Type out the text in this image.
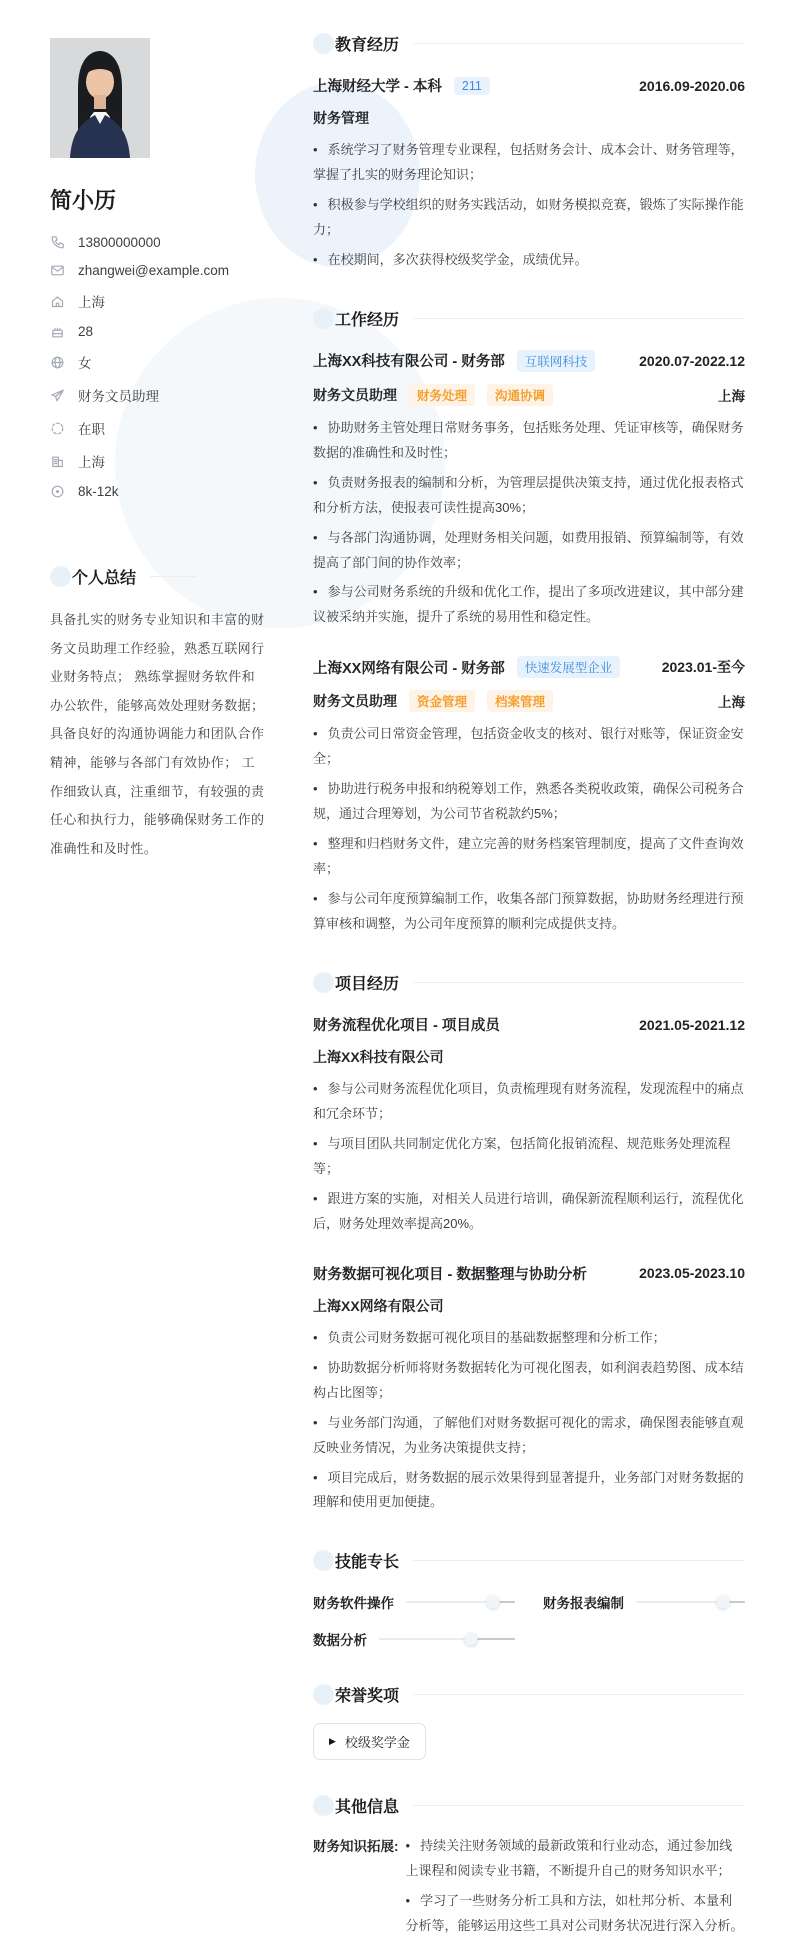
简小历
13800000000
zhangwei@example.com
上海
28
女
财务文员助理
在职
上海
8k-12k
个人总结

具备扎实的财务专业知识和丰富的财务文员助理工作经验，熟悉互联网行业财务特点； 熟练掌握财务软件和办公软件，能够高效处理财务数据； 具备良好的沟通协调能力和团队合作精神，能够与各部门有效协作； 工作细致认真，注重细节，有较强的责任心和执行力，能够确保财务工作的准确性和及时性。

教育经历
上海财经大学 - 本科	211	2016.09-2020.06
财务管理
• 系统学习了财务管理专业课程，包括财务会计、成本会计、财务管理等，掌握了扎实的财务理论知识；
• 积极参与学校组织的财务实践活动，如财务模拟竞赛，锻炼了实际操作能力；
• 在校期间，多次获得校级奖学金，成绩优异。
工作经历
上海XX科技有限公司 - 财务部	互联网科技	2020.07-2022.12
财务文员助理	财务处理	沟通协调	上海
• 协助财务主管处理日常财务事务，包括账务处理、凭证审核等，确保财务数据的准确性和及时性；
• 负责财务报表的编制和分析，为管理层提供决策支持，通过优化报表格式和分析方法，使报表可读性提高30%；
• 与各部门沟通协调，处理财务相关问题，如费用报销、预算编制等，有效提高了部门间的协作效率；
• 参与公司财务系统的升级和优化工作，提出了多项改进建议，其中部分建议被采纳并实施，提升了系统的易用性和稳定性。
上海XX网络有限公司 - 财务部	快速发展型企业	2023.01-至今
财务文员助理	资金管理	档案管理	上海
• 负责公司日常资金管理，包括资金收支的核对、银行对账等，保证资金安全；
• 协助进行税务申报和纳税筹划工作，熟悉各类税收政策，确保公司税务合规，通过合理筹划，为公司节省税款约5%；
• 整理和归档财务文件，建立完善的财务档案管理制度，提高了文件查询效率；
• 参与公司年度预算编制工作，收集各部门预算数据，协助财务经理进行预算审核和调整，为公司年度预算的顺利完成提供支持。
项目经历
财务流程优化项目 - 项目成员	2021.05-2021.12
上海XX科技有限公司
• 参与公司财务流程优化项目，负责梳理现有财务流程，发现流程中的痛点和冗余环节；
• 与项目团队共同制定优化方案，包括简化报销流程、规范账务处理流程等；
• 跟进方案的实施，对相关人员进行培训，确保新流程顺利运行，流程优化后，财务处理效率提高20%。
财务数据可视化项目 - 数据整理与协助分析	2023.05-2023.10
上海XX网络有限公司
• 负责公司财务数据可视化项目的基础数据整理和分析工作；
• 协助数据分析师将财务数据转化为可视化图表，如利润表趋势图、成本结构占比图等；
• 与业务部门沟通，了解他们对财务数据可视化的需求，确保图表能够直观反映业务情况，为业务决策提供支持；
• 项目完成后，财务数据的展示效果得到显著提升，业务部门对财务数据的理解和使用更加便捷。
技能专长
财务软件操作	财务报表编制
数据分析
荣誉奖项
▶ 校级奖学金
其他信息
财务知识拓展:	• 持续关注财务领域的最新政策和行业动态，通过参加线上课程和阅读专业书籍，不断提升自己的财务知识水平；
• 学习了一些财务分析工具和方法，如杜邦分析、本量利分析等，能够运用这些工具对公司财务状况进行深入分析。
